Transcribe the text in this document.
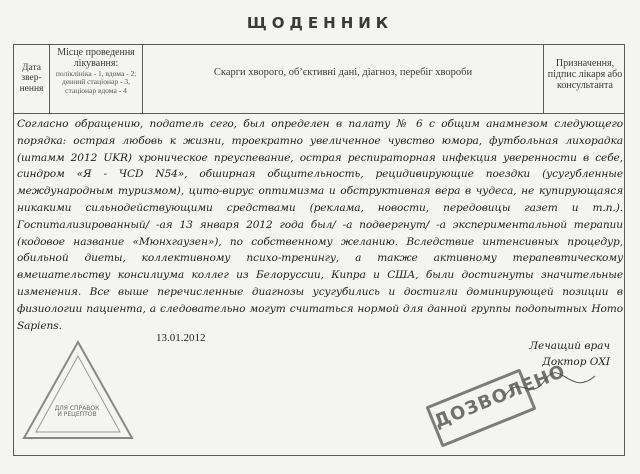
ЩОДЕННИК
Дата звер-нення
Місце проведення лікування:
поліклініка - 1, вдома - 2, денний стаціонар - 3, стаціонар вдома - 4
Скарги хворого, об’єктивні дані, діагноз, перебіг хвороби
Призначення, підпис лікаря або консультанта
Согласно обращению, податель сего, был определен в палату № 6 с общим анамнезом следующего порядка: острая любовь к жизни, троекратно увеличенное чувство юмора, футбольная лихорадка (штамм 2012 UKR) хроническое преуспевание, острая респираторная инфекция уверенности в себе, синдром «Я - ЧСD N54», обширная общительность, рецидивирующие поездки (усугубленные международным туризмом), цито-вирус оптимизма и обструктивная вера в чудеса, не купирующаяся никакими сильнодействующими средствами (реклама, новости, передовицы газет и т.п.). Госпитализированный/ -ая 13 января 2012 года был/ -а подвергнут/ -а экспериментальной терапии (кодовое название «Мюнхгаузен»), по собственному желанию. Вследствие интенсивных процедур, обильной диеты, коллективному психо-тренингу, а также активному терапевтическому вмешательству консилиума коллег из Белоруссии, Кипра и США, были достигнуты значительные изменения. Все выше перечисленные диагнозы усугубились и достигли доминирующей позиции в физиологии пациента, а следовательно могут считаться нормой для данной группы подопытных Homo Sapiens.
13.01.2012
Лечащий врач
Доктор ОХІ
ДЛЯ СПРАВОК И РЕЦЕПТОВ	ДОЗВОЛЕНО
